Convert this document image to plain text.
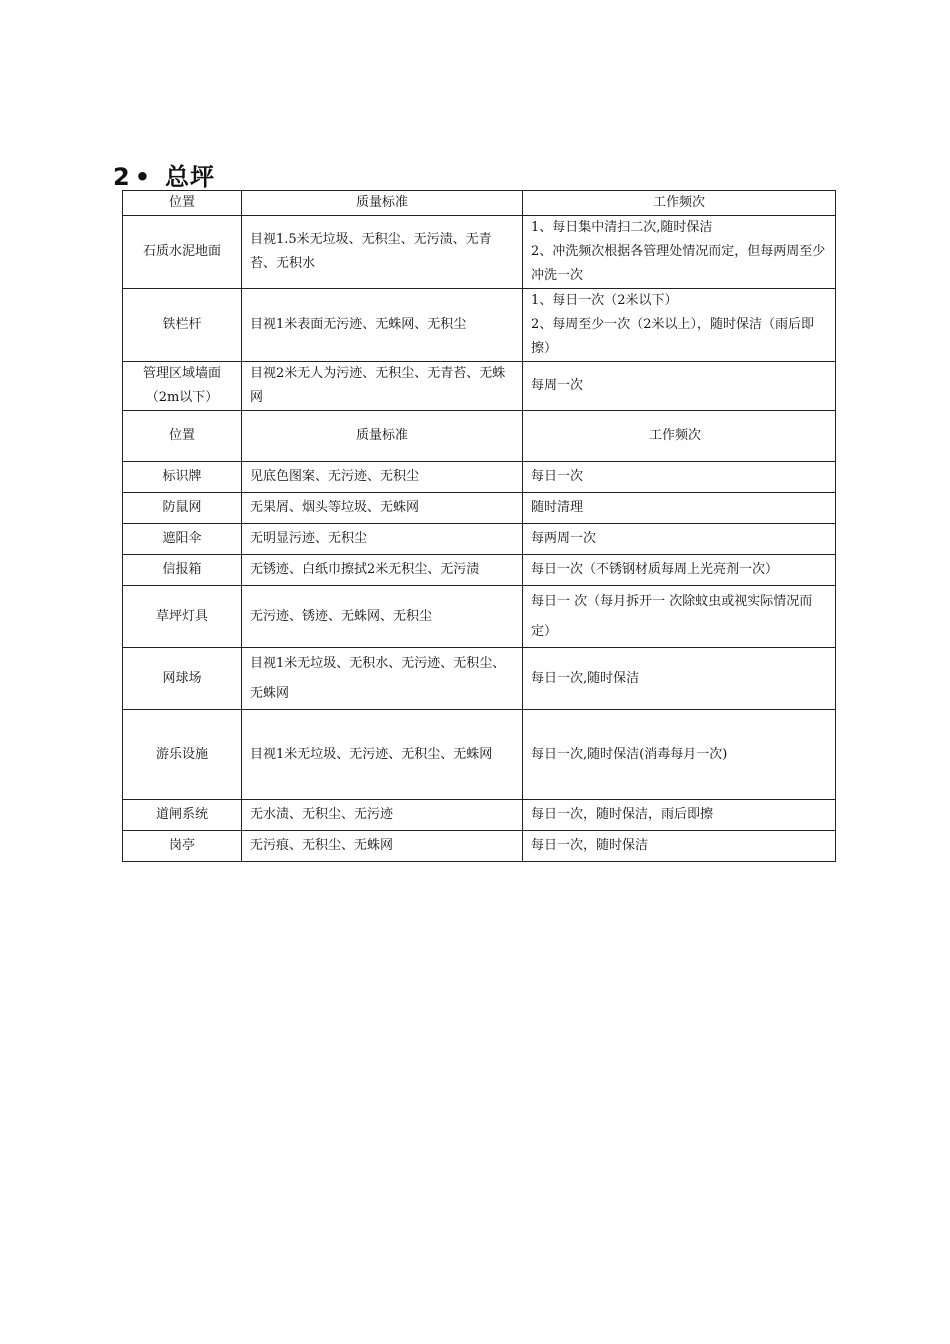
2 • 总坪
位置	质量标准	工作频次
石质水泥地面	目视1.5米无垃圾、无积尘、无污渍、无青苔、无积水	1、每日集中清扫二次,随时保洁
2、冲洗频次根据各管理处情况而定，但每两周至少冲洗一次

铁栏杆	目视1米表面无污迹、无蛛网、无积尘	1、每日一次（2米以下）
2、每周至少一次（2米以上），随时保洁（雨后即擦）

管理区域墙面（2m以下）	目视2米无人为污迹、无积尘、无青苔、无蛛网	每周一次
位置	质量标准	工作频次
标识牌	见底色图案、无污迹、无积尘	每日一次
防鼠网	无果屑、烟头等垃圾、无蛛网	随时清理
遮阳伞	无明显污迹、无积尘	每两周一次
信报箱	无锈迹、白纸巾擦拭2米无积尘、无污渍	每日一次（不锈钢材质每周上光亮剂一次）
草坪灯具	无污迹、锈迹、无蛛网、无积尘	每日一 次（每月拆开一 次除蚊虫或视实际情况而定）
网球场	目视1米无垃圾、无积水、无污迹、无积尘、无蛛网	每日一次,随时保洁
游乐设施	目视1米无垃圾、无污迹、无积尘、无蛛网	每日一次,随时保洁(消毒每月一次)
道闸系统	无水渍、无积尘、无污迹	每日一次，随时保洁，雨后即擦
岗亭	无污痕、无积尘、无蛛网	每日一次，随时保洁
